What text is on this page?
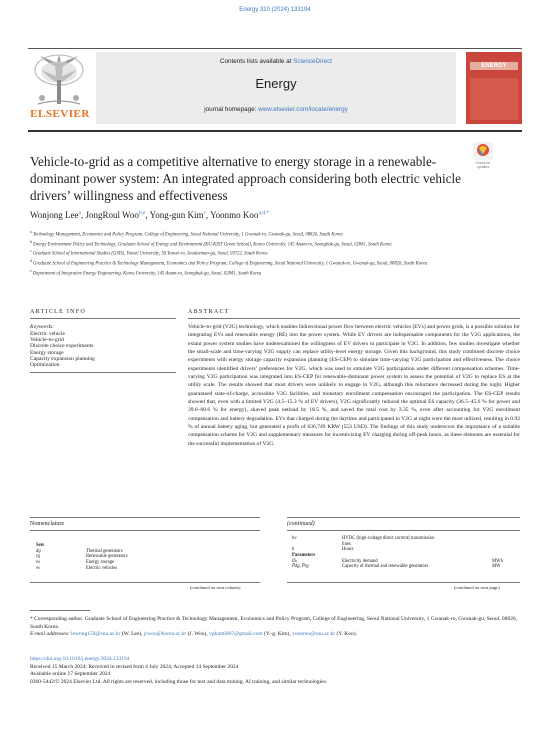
Energy 310 (2024) 133194
ELSEVIER
Contents lists available at ScienceDirect
Energy
journal homepage: www.elsevier.com/locate/energy
ENERGY
Vehicle-to-grid as a competitive alternative to energy storage in a renewable-dominant power system: An integrated approach considering both electric vehicle drivers’ willingness and effectiveness
Check for updates
Wonjong Lee$^a$, JongRoul Woo$^{b,e}$, Yong-gun Kim$^c$, Yoonmo Koo$^{a,d,*}$
$^a$ Technology Management, Economics and Policy Program, College of Engineering, Seoul National University, 1 Gwanak-ro, Gwanak-gu, Seoul, 08826, South Korea
$^b$ Energy Environment Policy and Technology, Graduate School of Energy and Environment (KU-KIST Green School), Korea University, 145 Anam-ro, Seongbuk-gu, Seoul, 02841, South Korea
$^c$ Graduate School of International Studies (GSIS), Yonsei University, 50 Yonsei-ro, Seodaemun-gu, Seoul, 03722, South Korea
$^d$ Graduate School of Engineering Practice & Technology Management, Economics and Policy Program, College of Engineering, Seoul National University, 1 Gwanak-ro, Gwanak-gu, Seoul, 08826, South Korea
$^e$ Department of Integrative Energy Engineering, Korea University, 145 Anam-ro, Seongbuk-gu, Seoul, 02841, South Korea
ARTICLE INFO
Keywords:
Electric vehicle
Vehicle-to-grid
Discrete choice experiments
Energy storage
Capacity expansion planning
Optimization
ABSTRACT
Vehicle-to-grid (V2G) technology, which enables bidirectional power flow between electric vehicles (EVs) and power grids, is a possible solution for integrating EVs and renewable energy (RE) into the power system. While EV drivers are indispensable components for the V2G applications, the extant power system studies have underexamined the willingness of EV drivers to participate in V2G. In addition, few studies investigate whether the small-scale and time-varying V2G supply can replace utility-level energy storage. Given this background, this study combined discrete choice experiments with energy storage capacity expansion planning (ES-CEP) to simulate time-varying V2G participation and effectiveness. The choice experiments identified drivers’ preferences for V2G, which was used to simulate V2G participation under different compensation schemes. Time-varying V2G participation was integrated into ES-CEP for renewable-dominant power system to assess the potential of V2G to replace ES at the utility scale. The results showed that most drivers were unlikely to engage in V2G, although this reluctance decreased during the night. Higher guaranteed state-of-charge, accessible V2G facilities, and monetary enrollment compensation encouraged the participation. The ES-CEP results showed that, even with a limited V2G (4.5–15.3 % of EV drivers), V2G significantly reduced the optimal ES capacity (36.5–45.6 % for power and 39.6–60.6 % for energy), shaved peak netload by 18.5 %, and saved the total cost by 3.35 %, even after accounting for V2G enrollment compensation and battery degradation. EVs that charged during the daytime and participated in V2G at night were the most utilized, resulting in 0.92 % of annual battery aging, but generated a profit of 636,749 KRW (553 USD). The findings of this study underscore the importance of a suitable compensation scheme for V2G and supplementary measures for incentivizing EV charging during off-peak hours, as these elements are essential for the successful implementation of V2G.
Nomenclature
Sets
dg	Thermal generators
rg	Renewable generators
es	Energy storage
ev	Electric vehicles
(continued on next column)
(continued)
hv	HVDC (high-voltage direct current) transmission
lines
h	Hours
Parameters
Dₕ	Electricity demand	MWh
P̄dg, P̄rg	Capacity of thermal and renewable generators	MW
(continued on next page)
* Corresponding author. Graduate School of Engineering Practice & Technology Management, Economics and Policy Program, College of Engineering, Seoul National University, 1 Gwanak-ro, Gwanak-gu, Seoul, 08826, South Korea.
E-mail addresses: lewnng159@snu.ac.kr (W. Lee), jrwoo@korea.ac.kr (J. Woo), ygkim6007@gmail.com (Y.-g. Kim), yoonmo@snu.ac.kr (Y. Koo).
https://doi.org/10.1016/j.energy.2024.133194
Received 15 March 2024; Received in revised form 4 July 2024; Accepted 14 September 2024
Available online 17 September 2024
0360-5442/© 2024 Elsevier Ltd. All rights are reserved, including those for text and data mining, AI training, and similar technologies.
